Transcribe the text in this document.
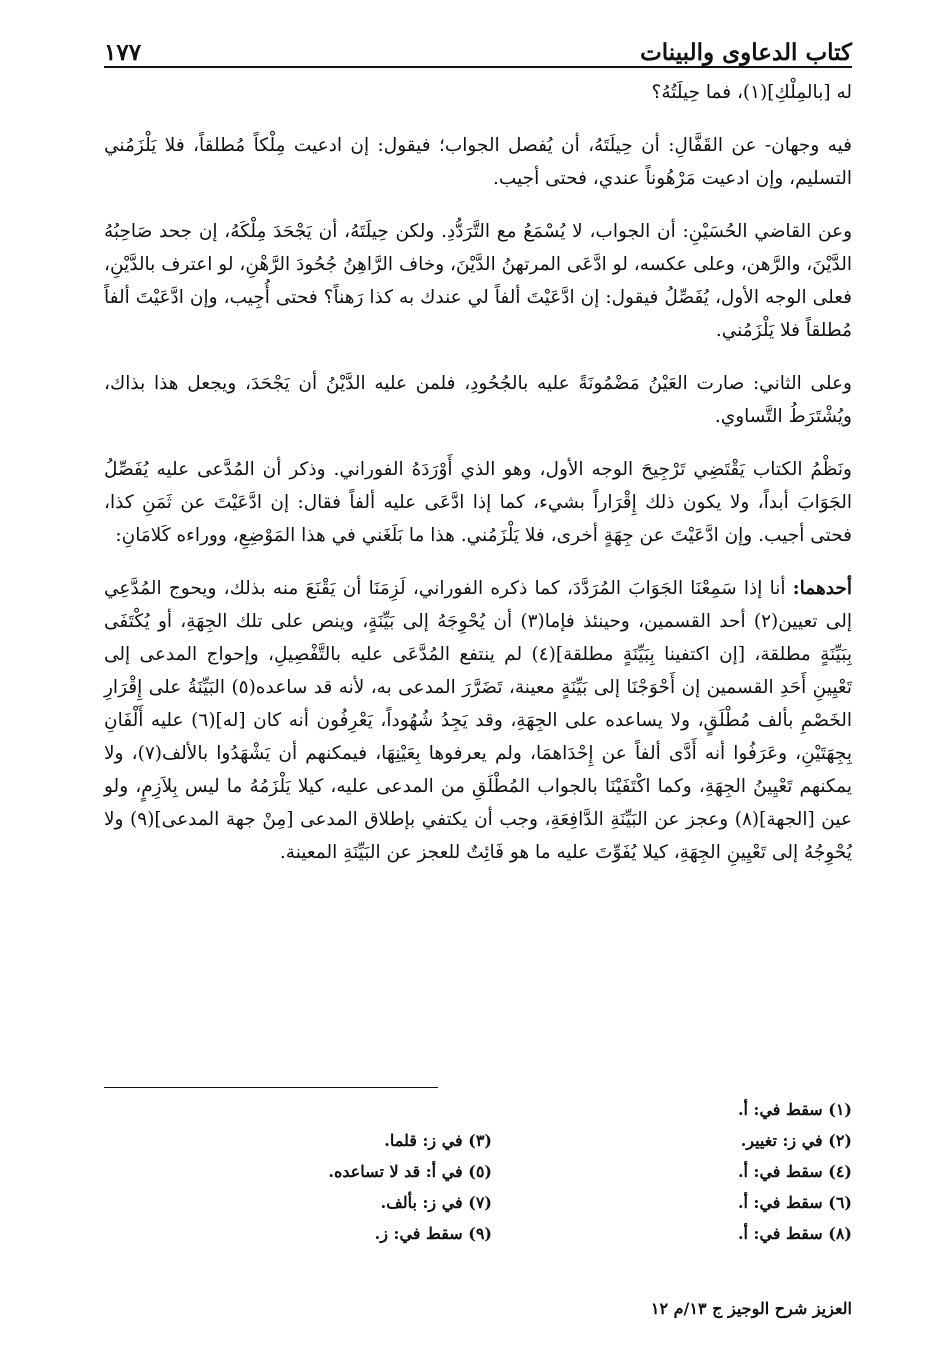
كتاب الدعاوى والبينات
١٧٧

له [بالمِلْكِ](١)، فما حِيلَتُهُ؟

فيه وجهان- عن القَفَّالِ: أن حِيلَتَهُ، أن يُفصل الجواب؛ فيقول: إن ادعيت مِلْكاً مُطلقاً، فلا يَلْزَمُني التسليم، وإن ادعيت مَرْهُوناً عندي، فحتى أجيب.

وعن القاضي الحُسَيْنِ: أن الجواب، لا يُسْمَعُ مع التَّرَدُّدِ. ولكن حِيلَتَهُ، أن يَجْحَدَ مِلْكَهُ، إن جحد صَاحِبُهُ الدَّيْنَ، والرَّهن، وعلى عكسه، لو ادَّعَى المرتهنُ الدَّيْنَ، وخاف الرَّاهِنُ جُحُودَ الرَّهْنِ، لو اعترف بالدَّيْنِ، فعلى الوجه الأول، يُفَصِّلُ فيقول: إن ادَّعَيْتَ ألفاً لي عندك به كذا رَهناً؟ فحتى أُجِيب، وإن ادَّعَيْتَ ألفاً مُطلقاً فلا يَلْزَمُني.

وعلى الثاني: صارت العَيْنُ مَضْمُونَةً عليه بالجُحُودِ، فلمن عليه الدَّيْنُ أن يَجْحَدَ، ويجعل هذا بذاك، ويُشْتَرَطُ التَّساوي.

ونَظْمُ الكتاب يَقْتَضِي تَرْجِيحَ الوجه الأول، وهو الذي أَوْرَدَهُ الفوراني. وذكر أن المُدَّعى عليه يُفَصِّلُ الجَوَابَ أبداً، ولا يكون ذلك إِقْرَاراً بشيء، كما إذا ادَّعَى عليه ألفاً فقال: إن ادَّعَيْتَ عن ثَمَنِ كذا، فحتى أجيب. وإن ادَّعَيْتَ عن جِهَةٍ أخرى، فلا يَلْزَمُني. هذا ما بَلَغَني في هذا المَوْضِعِ، ووراءه كَلامَانِ:

أحدهما: أنا إذا سَمِعْنَا الجَوَابَ المُرَدَّدَ، كما ذكره الفوراني، لَزِمَنَا أن يَقْنَعَ منه بذلك، ويحوج المُدَّعِي إلى تعيين(٢) أحد القسمين، وحينئذ فإما(٣) أن يُحْوِجَهُ إلى بَيِّنَةٍ، وينص على تلك الجِهَةِ، أو يُكْتَفَى بِبَيِّنَةٍ مطلقة، [إن اكتفينا بِبَيِّنَةٍ مطلقة](٤) لم ينتفع المُدَّعَى عليه بالتَّفْصِيلِ، وإحواج المدعى إلى تَعْيِينِ أَحَدِ القسمين إن أَحْوَجْنَا إلى بَيِّنَةٍ معينة، تَضَرَّرَ المدعى به، لأنه قد ساعده(٥) البَيِّنَةُ على إِقْرَارِ الخَصْمِ بألف مُطْلَقٍ، ولا يساعده على الجِهَةِ، وقد يَجِدُ شُهُوداً، يَعْرِفُون أنه كان [له](٦) عليه أَلْفَانِ بِجِهَتَيْنِ، وعَرَفُوا أنه أَدَّى ألفاً عن إِحْدَاهمَا، ولم يعرفوها بِعَيْنِهَا، فيمكنهم أن يَشْهَدُوا بالألف(٧)، ولا يمكنهم تَعْيِينُ الجِهَةِ، وكما اكْتَفَيْنَا بالجواب المُطْلَقِ من المدعى عليه، كيلا يَلْزَمُهُ ما ليس بِلاَزِمٍ، ولو عين [الجهة](٨) وعجز عن البَيِّنَةِ الدَّافِعَةِ، وجب أن يكتفي بإطلاق المدعى [مِنْ جهة المدعى](٩) ولا يُحْوِجُهُ إلى تَعْيِينِ الجِهَةِ، كيلا يُفَوِّتَ عليه ما هو فَائِتٌ للعجز عن البَيِّنَةِ المعينة.

(١) سقط في: أ.
(٢) في ز: تغيير.
(٤) سقط في: أ.
(٦) سقط في: أ.
(٨) سقط في: أ.
(٣) في ز: قلما.
(٥) في أ: قد لا تساعده.
(٧) في ز: بألف.
(٩) سقط في: ز.
العزيز شرح الوجيز ج ١٣/م ١٢
